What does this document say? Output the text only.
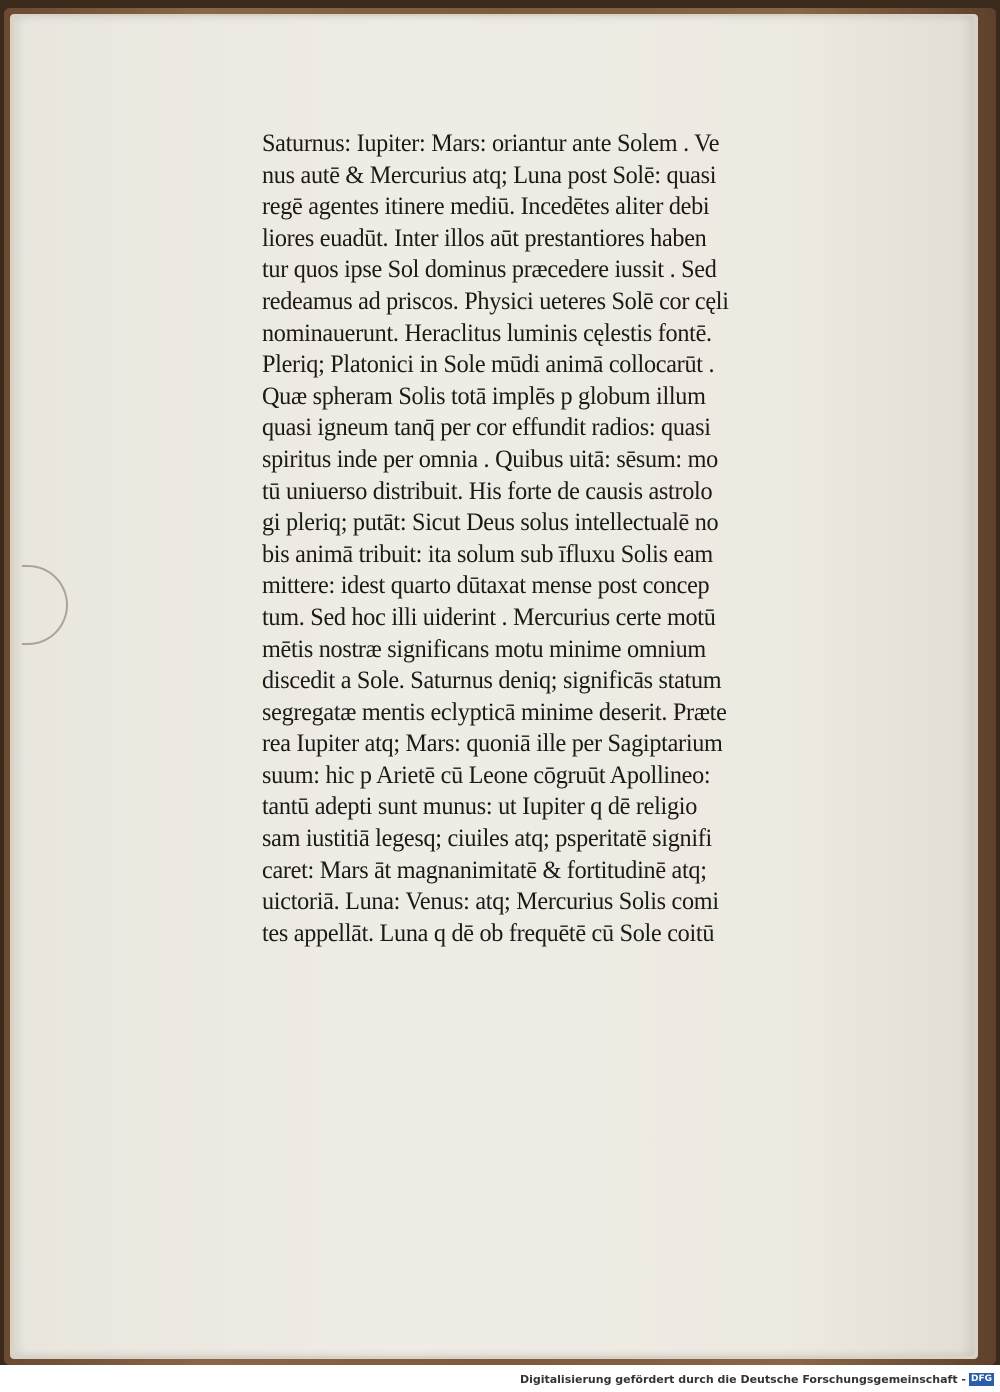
Saturnus: Iupiter: Mars: oriantur ante Solem . Ve
nus autē & Mercurius atq; Luna post Solē: quasi
regē agentes itinere mediū. Incedētes aliter debi
liores euadūt. Inter illos aūt prestantiores haben
tur quos ipse Sol dominus præcedere iussit . Sed
redeamus ad priscos. Physici ueteres Solē cor cęli
nominauerunt. Heraclitus luminis cęlestis fontē.
Pleriq; Platonici in Sole mūdi animā collocarūt .
Quæ spheram Solis totā implēs p globum illum
quasi igneum tanq̄ per cor effundit radios: quasi
spiritus inde per omnia . Quibus uitā: sēsum: mo
tū uniuerso distribuit. His forte de causis astrolo
gi pleriq; putāt: Sicut Deus solus intellectualē no
bis animā tribuit: ita solum sub īfluxu Solis eam
mittere: idest quarto dūtaxat mense post concep
tum. Sed hoc illi uiderint . Mercurius certe motū
mētis nostræ significans motu minime omnium
discedit a Sole. Saturnus deniq; significās statum
segregatæ mentis eclypticā minime deserit. Præte
rea Iupiter atq; Mars: quoniā ille per Sagiptarium
suum: hic p Arietē cū Leone cōgruūt Apollineo:
tantū adepti sunt munus: ut Iupiter q dē religio
sam iustitiā legesq; ciuiles atq; psperitatē signifi
caret: Mars āt magnanimitatē & fortitudinē atq;
uictoriā. Luna: Venus: atq; Mercurius Solis comi
tes appellāt. Luna q dē ob frequētē cū Sole coitū
Digitalisierung gefördert durch die Deutsche Forschungsgemeinschaft - DFG
